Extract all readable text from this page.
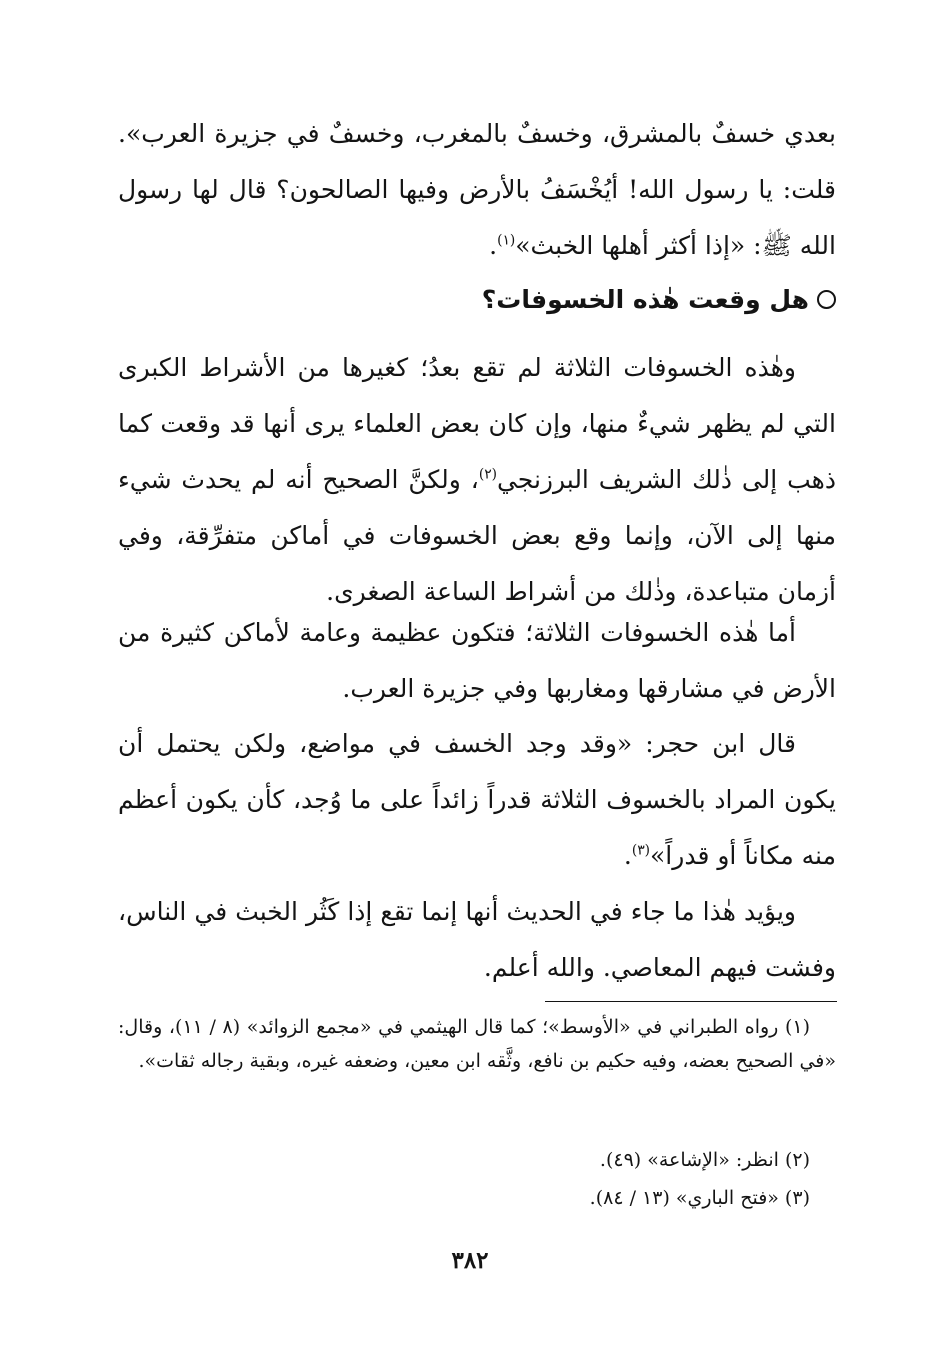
بعدي خسفٌ بالمشرق، وخسفٌ بالمغرب، وخسفٌ في جزيرة العرب». قلت: يا رسول الله! أيُخْسَفُ بالأرض وفيها الصالحون؟ قال لها رسول الله ﷺ: «إذا أكثر أهلها الخبث»$^{(١)}$.

هل وقعت هٰذه الخسوفات؟

وهٰذه الخسوفات الثلاثة لم تقع بعدُ؛ كغيرها من الأشراط الكبرى التي لم يظهر شيءٌ منها، وإن كان بعض العلماء يرى أنها قد وقعت كما ذهب إلى ذٰلك الشريف البرزنجي$^{(٢)}$، ولكنَّ الصحيح أنه لم يحدث شيء منها إلى الآن، وإنما وقع بعض الخسوفات في أماكن متفرِّقة، وفي أزمان متباعدة، وذٰلك من أشراط الساعة الصغرى.

أما هٰذه الخسوفات الثلاثة؛ فتكون عظيمة وعامة لأماكن كثيرة من الأرض في مشارقها ومغاربها وفي جزيرة العرب.

قال ابن حجر: «وقد وجد الخسف في مواضع، ولكن يحتمل أن يكون المراد بالخسوف الثلاثة قدراً زائداً على ما وُجد، كأن يكون أعظم منه مكاناً أو قدراً»$^{(٣)}$.

ويؤيد هٰذا ما جاء في الحديث أنها إنما تقع إذا كَثُر الخبث في الناس، وفشت فيهم المعاصي. والله أعلم.

(١) رواه الطبراني في «الأوسط»؛ كما قال الهيثمي في «مجمع الزوائد» (٨ / ١١)، وقال: «في الصحيح بعضه، وفيه حكيم بن نافع، وثَّقه ابن معين، وضعفه غيره، وبقية رجاله ثقات».

(٢) انظر: «الإشاعة» (٤٩).

(٣) «فتح الباري» (١٣ / ٨٤).

٣٨٢
